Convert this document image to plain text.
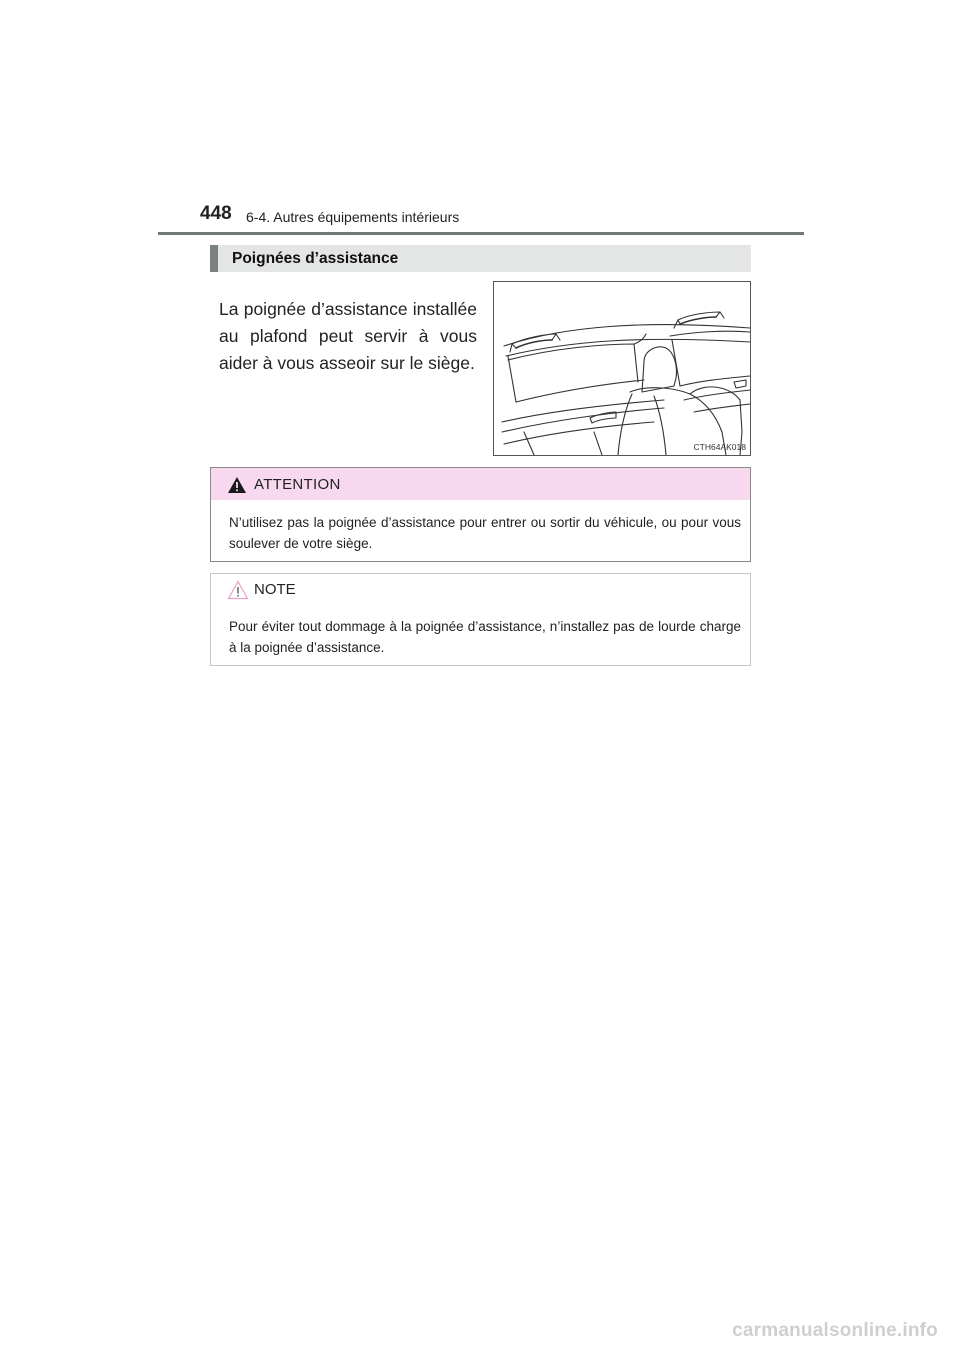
448 6-4. Autres équipements intérieurs
Poignées d’assistance
La poignée d’assistance installée au plafond peut servir à vous aider à vous asseoir sur le siège.
CTH64AK018
ATTENTION
N’utilisez pas la poignée d’assistance pour entrer ou sortir du véhicule, ou pour vous soulever de votre siège.
NOTE
Pour éviter tout dommage à la poignée d’assistance, n’installez pas de lourde charge à la poignée d’assistance.
carmanualsonline.info
